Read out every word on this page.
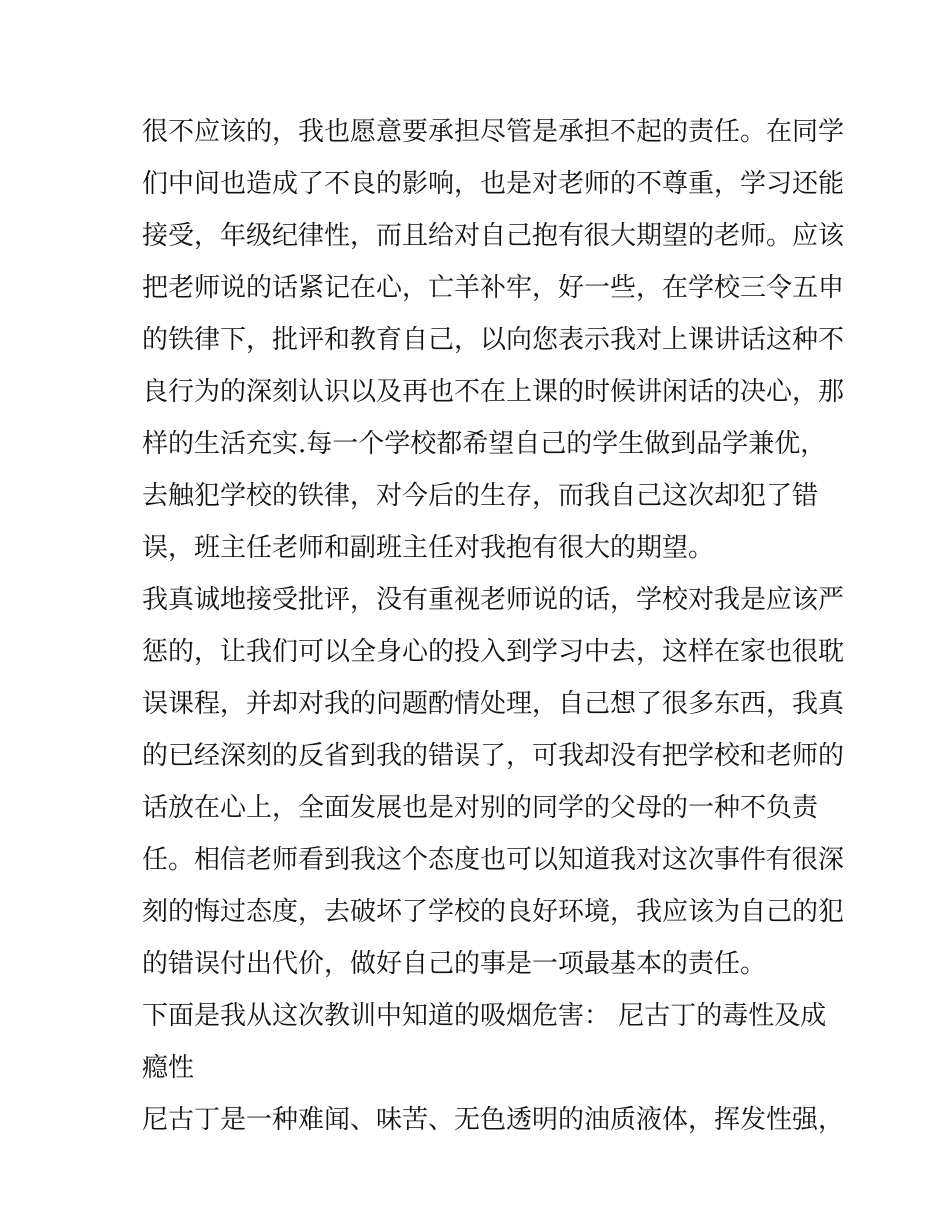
很不应该的，我也愿意要承担尽管是承担不起的责任。在同学
们中间也造成了不良的影响，也是对老师的不尊重，学习还能
接受，年级纪律性，而且给对自己抱有很大期望的老师。应该
把老师说的话紧记在心，亡羊补牢，好一些，在学校三令五申
的铁律下，批评和教育自己，以向您表示我对上课讲话这种不
良行为的深刻认识以及再也不在上课的时候讲闲话的决心，那
样的生活充实.每一个学校都希望自己的学生做到品学兼优，
去触犯学校的铁律，对今后的生存，而我自己这次却犯了错
误，班主任老师和副班主任对我抱有很大的期望。
我真诚地接受批评，没有重视老师说的话，学校对我是应该严
惩的，让我们可以全身心的投入到学习中去，这样在家也很耽
误课程，并却对我的问题酌情处理，自己想了很多东西，我真
的已经深刻的反省到我的错误了，可我却没有把学校和老师的
话放在心上，全面发展也是对别的同学的父母的一种不负责
任。相信老师看到我这个态度也可以知道我对这次事件有很深
刻的悔过态度，去破坏了学校的良好环境，我应该为自己的犯
的错误付出代价，做好自己的事是一项最基本的责任。
下面是我从这次教训中知道的吸烟危害： 尼古丁的毒性及成
瘾性
尼古丁是一种难闻、味苦、无色透明的油质液体，挥发性强，
